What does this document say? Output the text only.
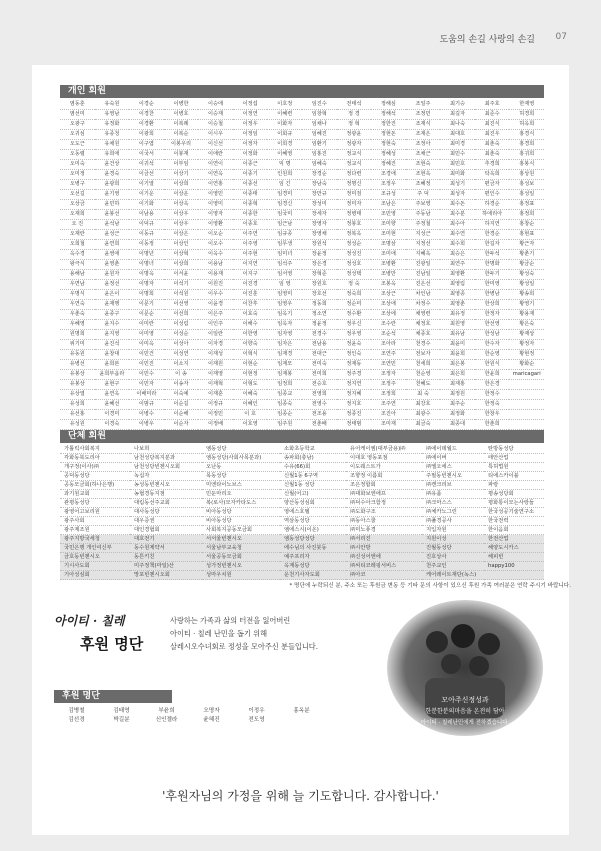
도움의 손길 사랑의 손길 07
개인 회원
염동훈	유숙원	이경순	이병한	이승애	이정섭	이호정	임진수	전태석	정해심	조일주	최기승	최주호	한재영
염선미	유영남	이경찬	이병호	이승재	이정연	이혜련	임창혁	정 경	정해석	조정민	최길자	최준수	허경희
오광구	유정화	이경환	이복례	이승철	이정우	이화자	임채나	정 혁	정한진	조재식	최나숙	최진식	허옥희
오귀심	유종청	이광희	이복순	이시우	이정임	이회규	임혜진	정광윤	정현돈	조재은	최대호	최진우	홍경식
오도근	유채원	이구엽	이봉우리	이신선	이정자	이희경	임환기	정광자	정현숙	조정아	최미경	최춘숙	홍경희
오동렬	유희애	이국서	이봉재	이애란	이정화	이혜영	임홍진	정교식	정혜성	조채근	최민수	최춘숙	홍귀희
오미숙	윤건상	이귀석	이부임	이연이	이종근	익 명	임혜숙	정교식	정혜진	조현숙	최민호	추경희	홍봉식
오미정	윤경숙	이금선	이상기	이연옥	이종기	인원희	장경순	정다련	조경애	조현옥	최미화	탁옥희	홍상원
오병구	윤광희	이기열	이상희	이연홍	이종선	임 긴	장남숙	정명신	조정우	조혜정	최성기	편금자	홍성보
오선길	윤기영	이기운	이상운	이영민	이종태	임경미	장만규	정미검	조규성	주 덕	최성자	편인수	홍성일
오상금	윤민하	이기화	이상옥	이영미	이종혁	임경신	장성미	정미자	조남은	주보영	최수돈	하경순	홍정표
오재희	윤봉선	이남용	이상우	이영자	이종한	임국미	장세자	정병태	조민영	주동남	최수분	하애리아	홍정희
오 진	윤석남	이덕규	이상우	이영환	이종호	임근남	장영자	정봉호	조미향	주정철	최수아	하지연	홍창순
오재란	윤성근	이동규	이상은	이오순	이주연	임규종	장영채	정복옥	조미현	지성근	최수연	한경순	홍현표
오희철	윤연희	이동정	이상인	이오수	이주영	임무생	장원석	정성순	조명삼	지정선	최수희	한길자	황근자
옥수경	윤영애	이명년	이상혁	이옥수	이주현	임미녀	장윤정	정성진	조미애	지혜옥	최승은	한두석	황춘기
왕극식	윤영춘	이명녀	이상희	이용남	이지연	임석주	장은경	정성호	조병환	진광일	최연주	한명화	황금순
용해남	윤원자	이명옥	이서윤	이용재	이지구	임서영	장혁준	정성택	조병만	진남일	최영환	한두기	황성숙
우면남	윤정선	이명자	이석기	이원진	이진경	임 영	장원호	정 숙	조봉옥	진은선	최영림	한미영	황성일
우명식	윤은이	이명희	이석원	이우수	이진훈	임영미	장호선	정숙희	조상근	차인남	최영종	한병남	황송희
우연숙	윤재행	이문기	이선영	이윤경	이찬후	임영우	정동희	정순미	조상애	차정수	최영춘	한상희	황영기
우춘숙	윤종구	이문순	이선희	이은주	이효숙	임옥기	정소연	정수환	조상에	채영련	최유정	한정자	황용재
우혜영	윤지수	이미란	이성림	이인주	이해수	임옥자	정윤정	정우신	조수란	채정호	최원영	한선영	황은숙
원명희	윤지영	이미영	이성순	이일란	이한영	임자영	전경수	정우영	조순석	채종호	최유남	한성남	황재상
위기미	윤진석	이미옥	이성아	이자경	이향숙	임자은	전남용	정윤숙	조아라	천경수	최윤미	한수자	황정자
유동원	윤창대	이민건	이성연	이재성	이혁식	임재경	전대근	정인숙	조연주	전보자	최윤희	한순영	황현정
유병선	윤희본	이민진	이소지	이재원	이현순	임재모	전미숙	정재동	조연민	천세희	최은봉	한원식	황화순
유봉상	윤희부옵라	이민수	이 송	이재영	이현정	임재봉	전미희	정주경	조정자	천순영	최은희	한윤희	maricagari
유봉상	윤현구	이민자	이송자	이재혁	이형도	임정희	전승호	정지연	조정주	천혜도	최재홍	한은경
유상열	윤연옥	이배미라	이숙예	이재훈	이혜숙	임종교	전영희	정지혜	조정희	최 숙	최정원	한정수
유성희	윤혜선	이범규	이순길	이정규	이혜인	임종숙	전영수	정지호	조주연	최강호	최주순	한정숙
유선홍	이경미	이병수	이순해	이정민	이 호	임종순	전조용	정종진	조진아	최광수	최정화	한창우
유성원	이경숙	이병우	이순자	이정배	이호영	임주원	전춘배	정태범	조미재	최금숙	최종대	한춘희
단체 회원
가톨릭사회복지	나보희	엠동성당	소화초등학교	유어케이엠(대부금용)㈜	㈜에이데월드	탄방동성당
각화동북도리아	남천성당복지분과	엠동성당(사회사목분과)	송파회(충남)	이대호 영동포점	㈜에이버	태안산업
개구정(이사)㈜	남천성당빈첸시오회	오난동	수유(66)회	이도웨스트가	㈜엘오에스	특허법원
공덕동성당	녹십자	목동성당	신월1동 6구역	조향정 이름회	주필동빈첸시오	티에스카이블
공동모금회(하나은행)	농성동빈첸시오	미엔타이노브스	신월1동 성당	조은정합회	㈜캔크리브	파랑
과기원교회	농협경동지점	민둔마리오	신월(어고)	㈜대화보엔에프	㈜유품	평송성당회
관평동성당	대림동선주교회	복(로사)모자카타도스	양산동성심회	㈜덕수아크함정	㈜크마스스	평화통이모는사랑들
광영어고보리원	대사동성당	비아동성당	영에스호텔	㈜도화구조	㈜체카노그린	한국성공기술연구소
광주사회	대우증권	비아동성당	역삼동성당	㈜동아스쿨	㈜풀경공사	한국전력
광주제조원	대인경협회	사회복지공동모금회	엠에스시(이온)	㈜미노퓨경	지입자원	한이음회
광주지방국세청	대호전기	서서울빈첸시오	엠동성당성당	㈜서리진	지원이성	한전산업
국민은행 개인여신부	동수원제약서	서울남부교육청	에수님의 사진붓동	㈜시안방	진월동성당	해양도시카스
금호동빈첸시오	동튼키친	서울공동모금회	예주프리자	㈜신성어앤에	진호상사	해피빈
기시사도회	미주정책(마일)산	성가정빈첸시오	옥계동성당	㈜씨티코레핑서비스	천주교인	happy100
기아성심회	망포빈첸시오회	성마우치원	운천기사자도회	㈜아코	케어레이트재단(녹스)
* 명단에 누락되신 분, 주소 또는 후원금 변동 등 기타 문의 사항이 있으신 후원 가족 여러분은 연락 주시기 바랍니다.
아이티 · 칠레
후원 명단
사랑하는 가족과 삶의 터전을 잃어버린
아이티 · 칠레 난민을 돕기 위해
살레시오수녀회로 정성을 모아주신 분들입니다.
후원 명단
김병철	김태영	부윤희	오명자	이정우	홍옥분
김선경	박길분	신인젤라	윤혜진	전도영
모아주신정성과
한분한분의마음을 온전히 담아
아이티 · 칠레난민에게 전하겠습니다.
'후원자님의 가정을 위해 늘 기도합니다. 감사합니다.'
